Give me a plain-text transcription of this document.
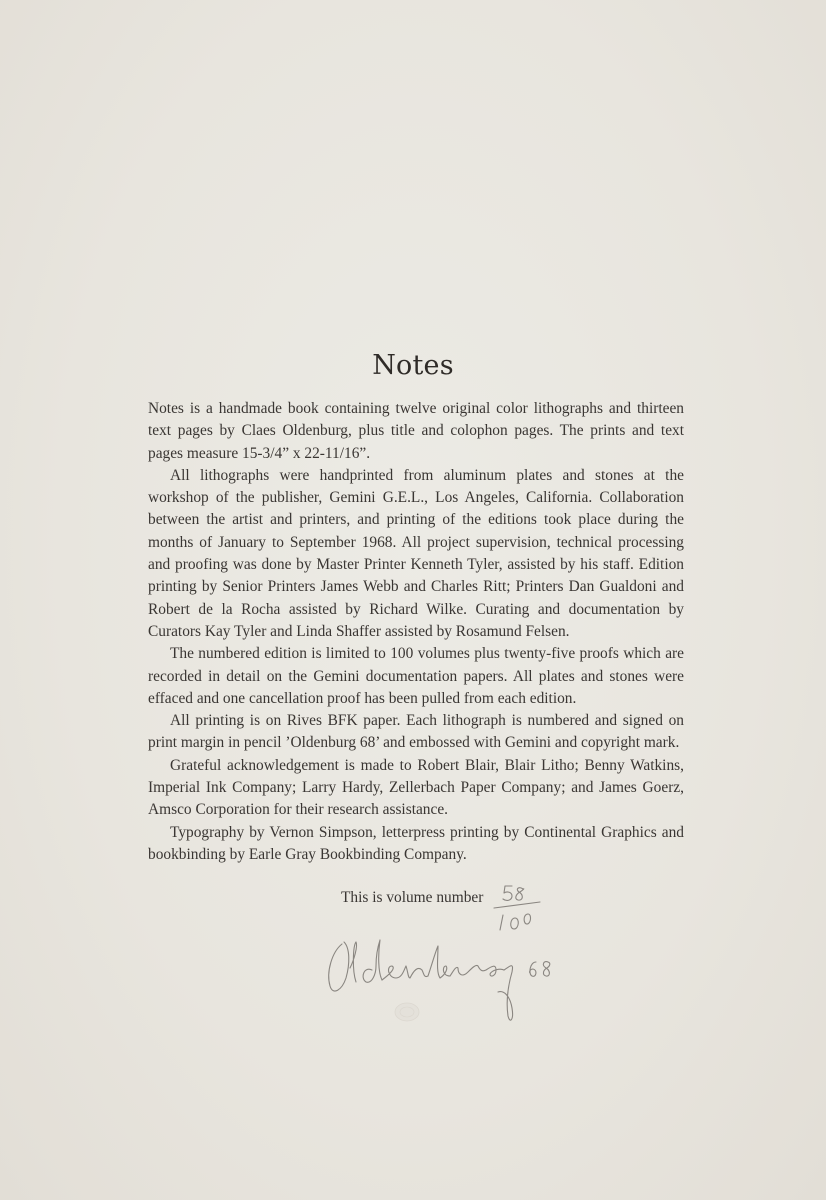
Notes

Notes is a handmade book containing twelve original color lithographs and thirteen text pages by Claes Oldenburg, plus title and colophon pages. The prints and text pages measure 15-3/4” x 22-11/16”.

All lithographs were handprinted from aluminum plates and stones at the workshop of the publisher, Gemini G.E.L., Los Angeles, California. Collaboration between the artist and printers, and printing of the editions took place during the months of January to September 1968. All project supervision, technical processing and proofing was done by Master Printer Kenneth Tyler, assisted by his staff. Edition printing by Senior Printers James Webb and Charles Ritt; Printers Dan Gualdoni and Robert de la Rocha assisted by Richard Wilke. Curating and documentation by Curators Kay Tyler and Linda Shaffer assisted by Rosamund Felsen.

The numbered edition is limited to 100 volumes plus twenty-five proofs which are recorded in detail on the Gemini documentation papers. All plates and stones were effaced and one cancellation proof has been pulled from each edition.

All printing is on Rives BFK paper. Each lithograph is numbered and signed on print margin in pencil ’Oldenburg 68’ and embossed with Gemini and copyright mark.

Grateful acknowledgement is made to Robert Blair, Blair Litho; Benny Watkins, Imperial Ink Company; Larry Hardy, Zellerbach Paper Company; and James Goerz, Amsco Corporation for their research assistance.

Typography by Vernon Simpson, letterpress printing by Continental Graphics and bookbinding by Earle Gray Bookbinding Company.

This is volume number
